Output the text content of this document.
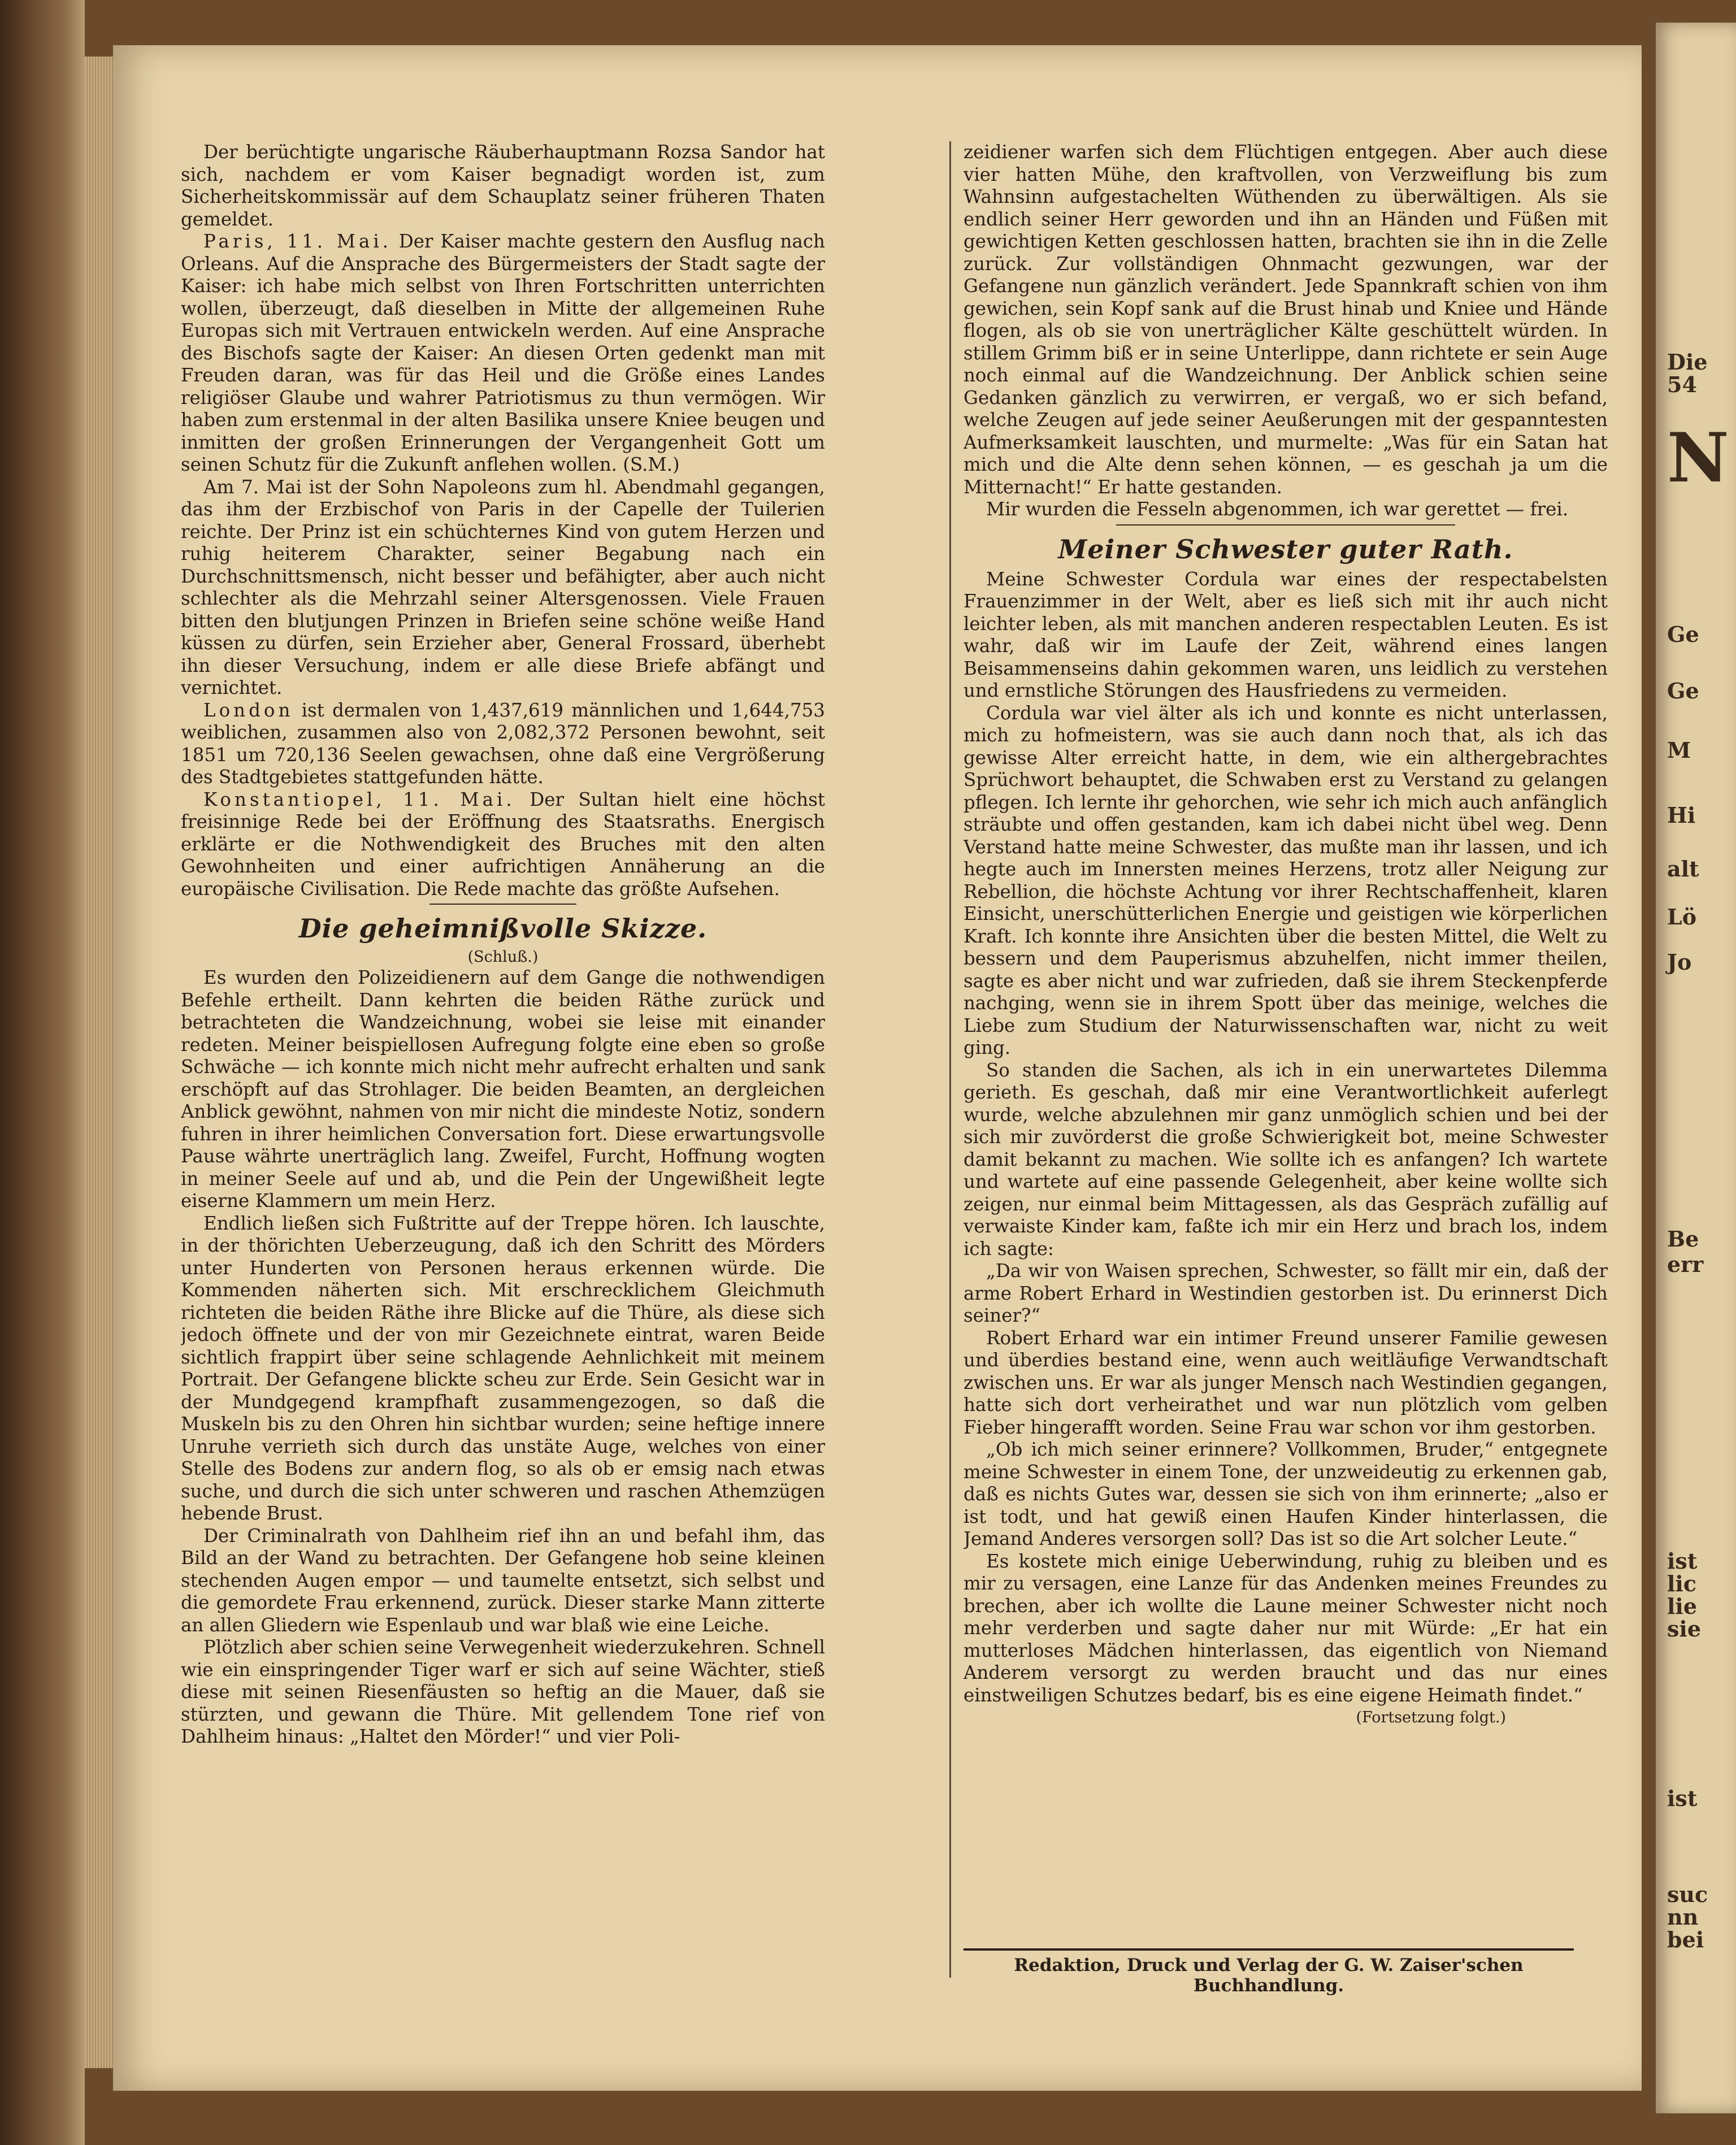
Die
54
N
Ge
Ge
M
Hi
alt
Lö
Jo
Be
err
ist
lic
lie
sie
ist
suc
nn
bei

Der berüchtigte ungarische Räuberhauptmann Rozsa Sandor hat sich, nachdem er vom Kaiser begnadigt worden ist, zum Sicherheitskommissär auf dem Schauplatz seiner früheren Thaten gemeldet.

Paris, 11. Mai. Der Kaiser machte gestern den Ausflug nach Orleans. Auf die Ansprache des Bürgermeisters der Stadt sagte der Kaiser: ich habe mich selbst von Ihren Fortschritten unterrichten wollen, überzeugt, daß dieselben in Mitte der allgemeinen Ruhe Europas sich mit Vertrauen entwickeln werden. Auf eine Ansprache des Bischofs sagte der Kaiser: An diesen Orten gedenkt man mit Freuden daran, was für das Heil und die Größe eines Landes religiöser Glaube und wahrer Patriotismus zu thun vermögen. Wir haben zum erstenmal in der alten Basilika unsere Kniee beugen und inmitten der großen Erinnerungen der Vergangenheit Gott um seinen Schutz für die Zukunft anflehen wollen. (S.M.)

Am 7. Mai ist der Sohn Napoleons zum hl. Abendmahl gegangen, das ihm der Erzbischof von Paris in der Capelle der Tuilerien reichte. Der Prinz ist ein schüchternes Kind von gutem Herzen und ruhig heiterem Charakter, seiner Begabung nach ein Durchschnittsmensch, nicht besser und befähigter, aber auch nicht schlechter als die Mehrzahl seiner Altersgenossen. Viele Frauen bitten den blutjungen Prinzen in Briefen seine schöne weiße Hand küssen zu dürfen, sein Erzieher aber, General Frossard, überhebt ihn dieser Versuchung, indem er alle diese Briefe abfängt und vernichtet.

London ist dermalen von 1,437,619 männlichen und 1,644,753 weiblichen, zusammen also von 2,082,372 Personen bewohnt, seit 1851 um 720,136 Seelen gewachsen, ohne daß eine Vergrößerung des Stadtgebietes stattgefunden hätte.

Konstantiopel, 11. Mai. Der Sultan hielt eine höchst freisinnige Rede bei der Eröffnung des Staatsraths. Energisch erklärte er die Nothwendigkeit des Bruches mit den alten Gewohnheiten und einer aufrichtigen Annäherung an die europäische Civilisation. Die Rede machte das größte Aufsehen.

Die geheimnißvolle Skizze.

(Schluß.)

Es wurden den Polizeidienern auf dem Gange die nothwendigen Befehle ertheilt. Dann kehrten die beiden Räthe zurück und betrachteten die Wandzeichnung, wobei sie leise mit einander redeten. Meiner beispiellosen Aufregung folgte eine eben so große Schwäche — ich konnte mich nicht mehr aufrecht erhalten und sank erschöpft auf das Strohlager. Die beiden Beamten, an dergleichen Anblick gewöhnt, nahmen von mir nicht die mindeste Notiz, sondern fuhren in ihrer heimlichen Conversation fort. Diese erwartungsvolle Pause währte unerträglich lang. Zweifel, Furcht, Hoffnung wogten in meiner Seele auf und ab, und die Pein der Ungewißheit legte eiserne Klammern um mein Herz.

Endlich ließen sich Fußtritte auf der Treppe hören. Ich lauschte, in der thörichten Ueberzeugung, daß ich den Schritt des Mörders unter Hunderten von Personen heraus erkennen würde. Die Kommenden näherten sich. Mit erschrecklichem Gleichmuth richteten die beiden Räthe ihre Blicke auf die Thüre, als diese sich jedoch öffnete und der von mir Gezeichnete eintrat, waren Beide sichtlich frappirt über seine schlagende Aehnlichkeit mit meinem Portrait. Der Gefangene blickte scheu zur Erde. Sein Gesicht war in der Mundgegend krampfhaft zusammengezogen, so daß die Muskeln bis zu den Ohren hin sichtbar wurden; seine heftige innere Unruhe verrieth sich durch das unstäte Auge, welches von einer Stelle des Bodens zur andern flog, so als ob er emsig nach etwas suche, und durch die sich unter schweren und raschen Athemzügen hebende Brust.

Der Criminalrath von Dahlheim rief ihn an und befahl ihm, das Bild an der Wand zu betrachten. Der Gefangene hob seine kleinen stechenden Augen empor — und taumelte entsetzt, sich selbst und die gemordete Frau erkennend, zurück. Dieser starke Mann zitterte an allen Gliedern wie Espenlaub und war blaß wie eine Leiche.

Plötzlich aber schien seine Verwegenheit wiederzukehren. Schnell wie ein einspringender Tiger warf er sich auf seine Wächter, stieß diese mit seinen Riesenfäusten so heftig an die Mauer, daß sie stürzten, und gewann die Thüre. Mit gellendem Tone rief von Dahlheim hinaus: „Haltet den Mörder!“ und vier Poli-

zeidiener warfen sich dem Flüchtigen entgegen. Aber auch diese vier hatten Mühe, den kraftvollen, von Verzweiflung bis zum Wahnsinn aufgestachelten Wüthenden zu überwältigen. Als sie endlich seiner Herr geworden und ihn an Händen und Füßen mit gewichtigen Ketten geschlossen hatten, brachten sie ihn in die Zelle zurück. Zur vollständigen Ohnmacht gezwungen, war der Gefangene nun gänzlich verändert. Jede Spannkraft schien von ihm gewichen, sein Kopf sank auf die Brust hinab und Kniee und Hände flogen, als ob sie von unerträglicher Kälte geschüttelt würden. In stillem Grimm biß er in seine Unterlippe, dann richtete er sein Auge noch einmal auf die Wandzeichnung. Der Anblick schien seine Gedanken gänzlich zu verwirren, er vergaß, wo er sich befand, welche Zeugen auf jede seiner Aeußerungen mit der gespanntesten Aufmerksamkeit lauschten, und murmelte: „Was für ein Satan hat mich und die Alte denn sehen können, — es geschah ja um die Mitternacht!“ Er hatte gestanden.

Mir wurden die Fesseln abgenommen, ich war gerettet — frei.

Meiner Schwester guter Rath.

Meine Schwester Cordula war eines der respectabelsten Frauenzimmer in der Welt, aber es ließ sich mit ihr auch nicht leichter leben, als mit manchen anderen respectablen Leuten. Es ist wahr, daß wir im Laufe der Zeit, während eines langen Beisammenseins dahin gekommen waren, uns leidlich zu verstehen und ernstliche Störungen des Hausfriedens zu vermeiden.

Cordula war viel älter als ich und konnte es nicht unterlassen, mich zu hofmeistern, was sie auch dann noch that, als ich das gewisse Alter erreicht hatte, in dem, wie ein althergebrachtes Sprüchwort behauptet, die Schwaben erst zu Verstand zu gelangen pflegen. Ich lernte ihr gehorchen, wie sehr ich mich auch anfänglich sträubte und offen gestanden, kam ich dabei nicht übel weg. Denn Verstand hatte meine Schwester, das mußte man ihr lassen, und ich hegte auch im Innersten meines Herzens, trotz aller Neigung zur Rebellion, die höchste Achtung vor ihrer Rechtschaffenheit, klaren Einsicht, unerschütterlichen Energie und geistigen wie körperlichen Kraft. Ich konnte ihre Ansichten über die besten Mittel, die Welt zu bessern und dem Pauperismus abzuhelfen, nicht immer theilen, sagte es aber nicht und war zufrieden, daß sie ihrem Steckenpferde nachging, wenn sie in ihrem Spott über das meinige, welches die Liebe zum Studium der Naturwissenschaften war, nicht zu weit ging.

So standen die Sachen, als ich in ein unerwartetes Dilemma gerieth. Es geschah, daß mir eine Verantwortlichkeit auferlegt wurde, welche abzulehnen mir ganz unmöglich schien und bei der sich mir zuvörderst die große Schwierigkeit bot, meine Schwester damit bekannt zu machen. Wie sollte ich es anfangen? Ich wartete und wartete auf eine passende Gelegenheit, aber keine wollte sich zeigen, nur einmal beim Mittagessen, als das Gespräch zufällig auf verwaiste Kinder kam, faßte ich mir ein Herz und brach los, indem ich sagte:

„Da wir von Waisen sprechen, Schwester, so fällt mir ein, daß der arme Robert Erhard in Westindien gestorben ist. Du erinnerst Dich seiner?“

Robert Erhard war ein intimer Freund unserer Familie gewesen und überdies bestand eine, wenn auch weitläufige Verwandtschaft zwischen uns. Er war als junger Mensch nach Westindien gegangen, hatte sich dort verheirathet und war nun plötzlich vom gelben Fieber hingerafft worden. Seine Frau war schon vor ihm gestorben.

„Ob ich mich seiner erinnere? Vollkommen, Bruder,“ entgegnete meine Schwester in einem Tone, der unzweideutig zu erkennen gab, daß es nichts Gutes war, dessen sie sich von ihm erinnerte; „also er ist todt, und hat gewiß einen Haufen Kinder hinterlassen, die Jemand Anderes versorgen soll? Das ist so die Art solcher Leute.“

Es kostete mich einige Ueberwindung, ruhig zu bleiben und es mir zu versagen, eine Lanze für das Andenken meines Freundes zu brechen, aber ich wollte die Laune meiner Schwester nicht noch mehr verderben und sagte daher nur mit Würde: „Er hat ein mutterloses Mädchen hinterlassen, das eigentlich von Niemand Anderem versorgt zu werden braucht und das nur eines einstweiligen Schutzes bedarf, bis es eine eigene Heimath findet.“

(Fortsetzung folgt.)

Redaktion, Druck und Verlag der G. W. Zaiser'schen Buchhandlung.
